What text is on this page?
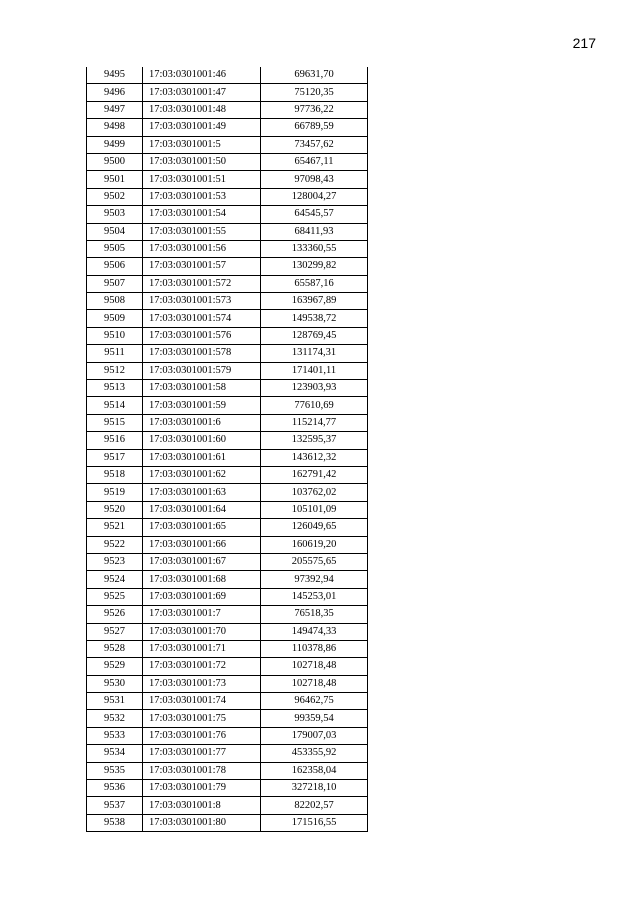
217
9495	17:03:0301001:46	69631,70
9496	17:03:0301001:47	75120,35
9497	17:03:0301001:48	97736,22
9498	17:03:0301001:49	66789,59
9499	17:03:0301001:5	73457,62
9500	17:03:0301001:50	65467,11
9501	17:03:0301001:51	97098,43
9502	17:03:0301001:53	128004,27
9503	17:03:0301001:54	64545,57
9504	17:03:0301001:55	68411,93
9505	17:03:0301001:56	133360,55
9506	17:03:0301001:57	130299,82
9507	17:03:0301001:572	65587,16
9508	17:03:0301001:573	163967,89
9509	17:03:0301001:574	149538,72
9510	17:03:0301001:576	128769,45
9511	17:03:0301001:578	131174,31
9512	17:03:0301001:579	171401,11
9513	17:03:0301001:58	123903,93
9514	17:03:0301001:59	77610,69
9515	17:03:0301001:6	115214,77
9516	17:03:0301001:60	132595,37
9517	17:03:0301001:61	143612,32
9518	17:03:0301001:62	162791,42
9519	17:03:0301001:63	103762,02
9520	17:03:0301001:64	105101,09
9521	17:03:0301001:65	126049,65
9522	17:03:0301001:66	160619,20
9523	17:03:0301001:67	205575,65
9524	17:03:0301001:68	97392,94
9525	17:03:0301001:69	145253,01
9526	17:03:0301001:7	76518,35
9527	17:03:0301001:70	149474,33
9528	17:03:0301001:71	110378,86
9529	17:03:0301001:72	102718,48
9530	17:03:0301001:73	102718,48
9531	17:03:0301001:74	96462,75
9532	17:03:0301001:75	99359,54
9533	17:03:0301001:76	179007,03
9534	17:03:0301001:77	453355,92
9535	17:03:0301001:78	162358,04
9536	17:03:0301001:79	327218,10
9537	17:03:0301001:8	82202,57
9538	17:03:0301001:80	171516,55
